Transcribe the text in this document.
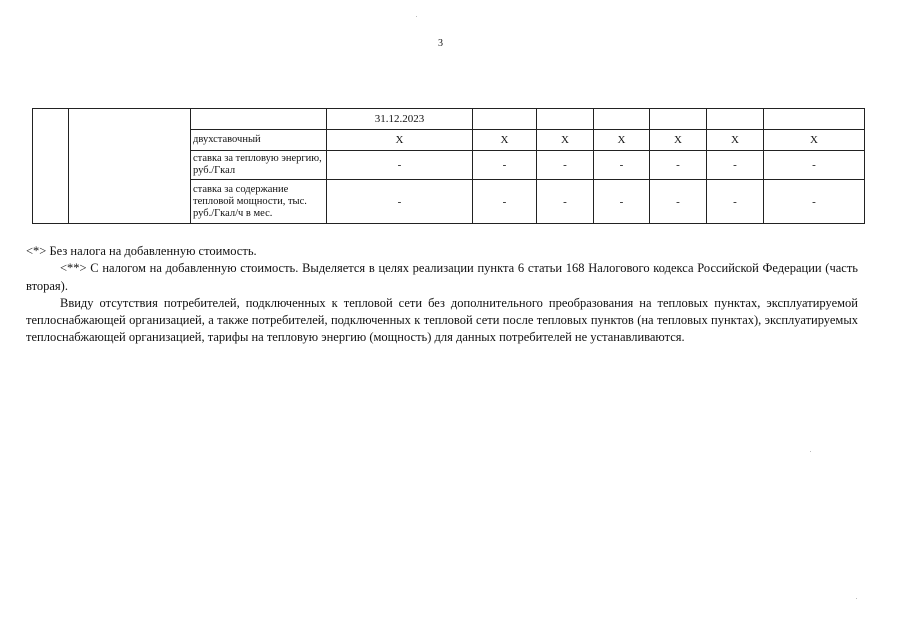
3
			31.12.2023						
		двухставочный	X	X	X	X	X	X	X
		ставка за тепловую энергию, руб./Гкал	-	-	-	-	-	-	-
		ставка за содержание тепловой мощности, тыс. руб./Гкал/ч в мес.	-	-	-	-	-	-	-

<*> Без налога на добавленную стоимость.

<**> С налогом на добавленную стоимость. Выделяется в целях реализации пункта 6 статьи 168 Налогового кодекса Российской Федерации (часть вторая).

Ввиду отсутствия потребителей, подключенных к тепловой сети без дополнительного преобразования на тепловых пунктах, эксплуатируемой теплоснабжающей организацией, а также потребителей, подключенных к тепловой сети после тепловых пунктов (на тепловых пунктах), эксплуатируемых теплоснабжающей организацией, тарифы на тепловую энергию (мощность) для данных потребителей не устанавливаются.
